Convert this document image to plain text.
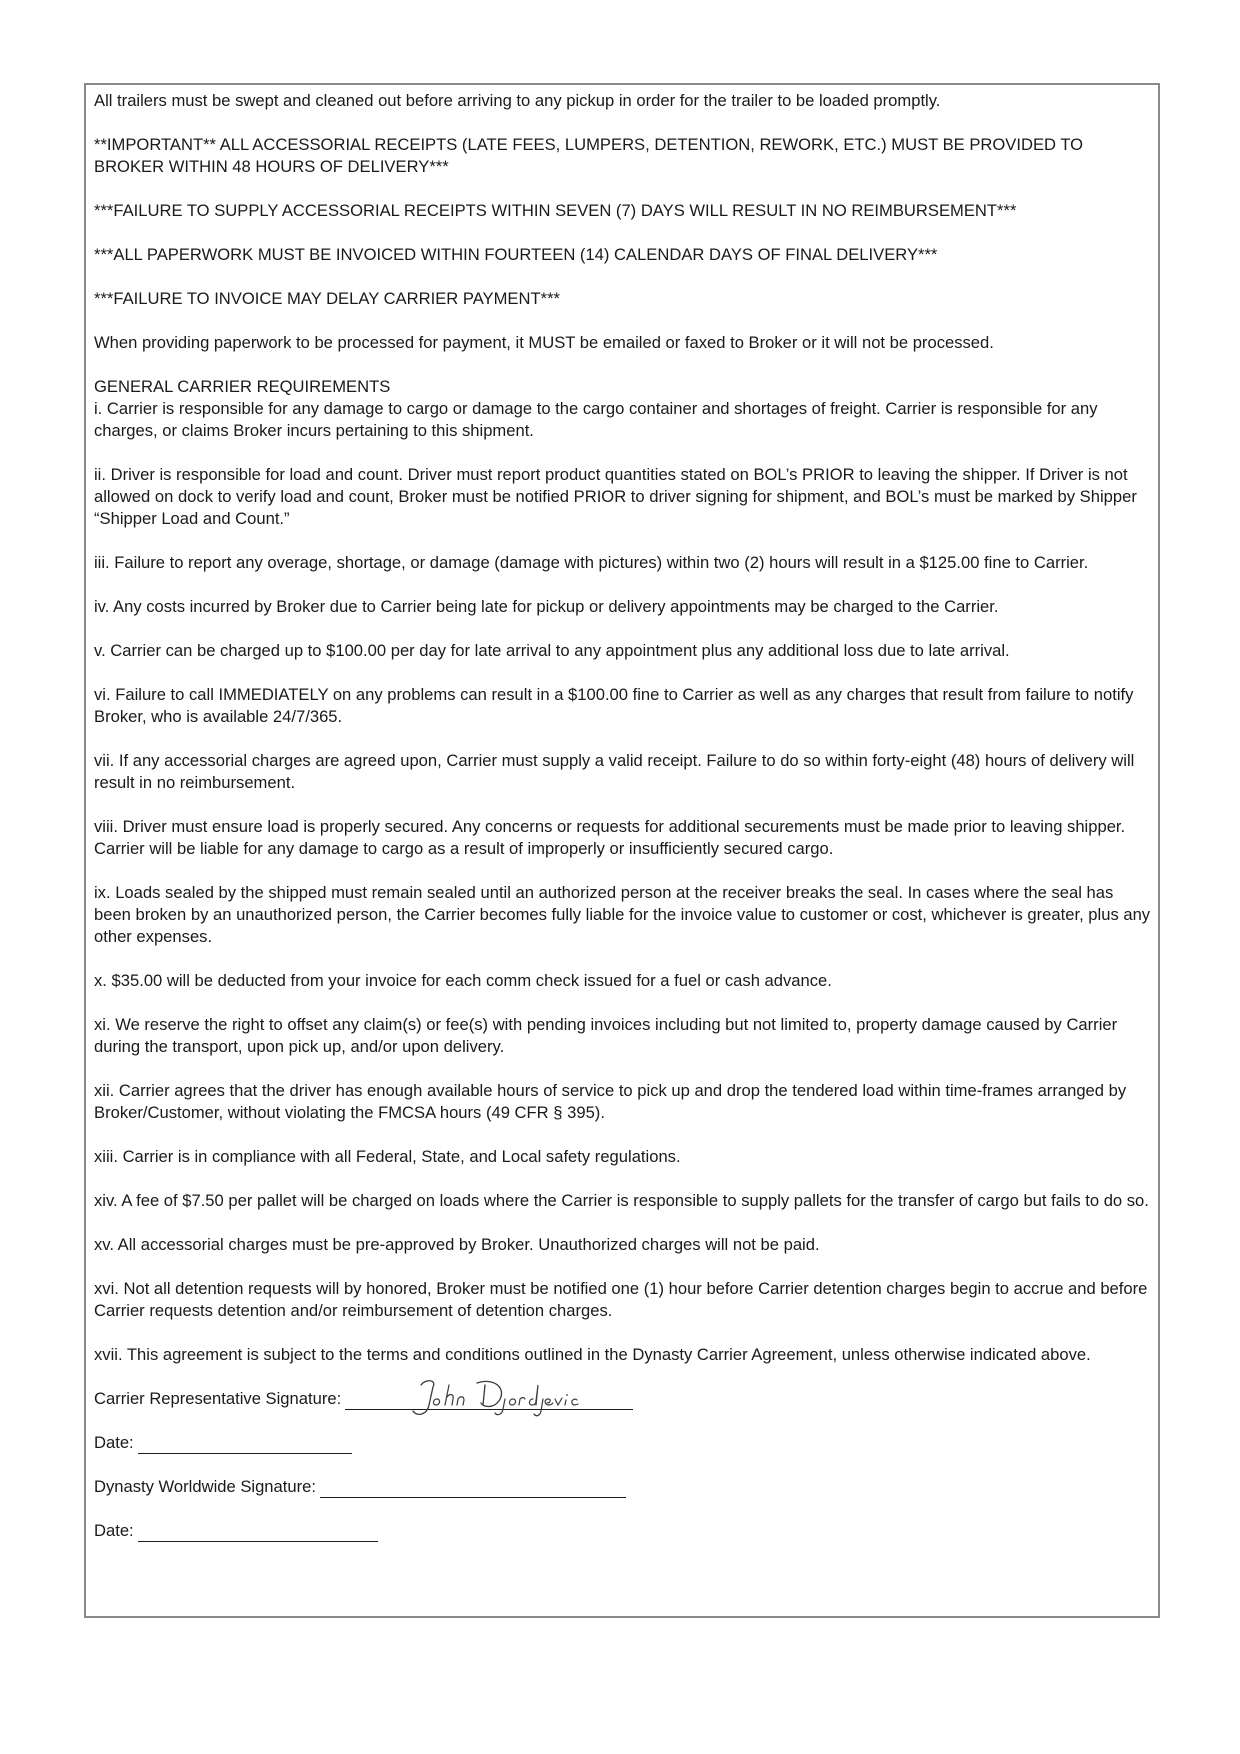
All trailers must be swept and cleaned out before arriving to any pickup in order for the trailer to be loaded promptly.

**IMPORTANT** ALL ACCESSORIAL RECEIPTS (LATE FEES, LUMPERS, DETENTION, REWORK, ETC.) MUST BE PROVIDED TO BROKER WITHIN 48 HOURS OF DELIVERY***

***FAILURE TO SUPPLY ACCESSORIAL RECEIPTS WITHIN SEVEN (7) DAYS WILL RESULT IN NO REIMBURSEMENT***

***ALL PAPERWORK MUST BE INVOICED WITHIN FOURTEEN (14) CALENDAR DAYS OF FINAL DELIVERY***

***FAILURE TO INVOICE MAY DELAY CARRIER PAYMENT***

When providing paperwork to be processed for payment, it MUST be emailed or faxed to Broker or it will not be processed.

GENERAL CARRIER REQUIREMENTS

i. Carrier is responsible for any damage to cargo or damage to the cargo container and shortages of freight. Carrier is responsible for any charges, or claims Broker incurs pertaining to this shipment.

ii. Driver is responsible for load and count. Driver must report product quantities stated on BOL’s PRIOR to leaving the shipper. If Driver is not allowed on dock to verify load and count, Broker must be notified PRIOR to driver signing for shipment, and BOL’s must be marked by Shipper “Shipper Load and Count.”

iii. Failure to report any overage, shortage, or damage (damage with pictures) within two (2) hours will result in a $125.00 fine to Carrier.

iv. Any costs incurred by Broker due to Carrier being late for pickup or delivery appointments may be charged to the Carrier.

v. Carrier can be charged up to $100.00 per day for late arrival to any appointment plus any additional loss due to late arrival.

vi. Failure to call IMMEDIATELY on any problems can result in a $100.00 fine to Carrier as well as any charges that result from failure to notify Broker, who is available 24/7/365.

vii. If any accessorial charges are agreed upon, Carrier must supply a valid receipt. Failure to do so within forty-eight (48) hours of delivery will result in no reimbursement.

viii. Driver must ensure load is properly secured. Any concerns or requests for additional securements must be made prior to leaving shipper. Carrier will be liable for any damage to cargo as a result of improperly or insufficiently secured cargo.

ix. Loads sealed by the shipped must remain sealed until an authorized person at the receiver breaks the seal. In cases where the seal has been broken by an unauthorized person, the Carrier becomes fully liable for the invoice value to customer or cost, whichever is greater, plus any other expenses.

x. $35.00 will be deducted from your invoice for each comm check issued for a fuel or cash advance.

xi. We reserve the right to offset any claim(s) or fee(s) with pending invoices including but not limited to, property damage caused by Carrier during the transport, upon pick up, and/or upon delivery.

xii. Carrier agrees that the driver has enough available hours of service to pick up and drop the tendered load within time-frames arranged by Broker/Customer, without violating the FMCSA hours (49 CFR § 395).

xiii. Carrier is in compliance with all Federal, State, and Local safety regulations.

xiv. A fee of $7.50 per pallet will be charged on loads where the Carrier is responsible to supply pallets for the transfer of cargo but fails to do so.

xv. All accessorial charges must be pre-approved by Broker. Unauthorized charges will not be paid.

xvi. Not all detention requests will by honored, Broker must be notified one (1) hour before Carrier detention charges begin to accrue and before Carrier requests detention and/or reimbursement of detention charges.

xvii. This agreement is subject to the terms and conditions outlined in the Dynasty Carrier Agreement, unless otherwise indicated above.

Carrier Representative Signature:
Date:
Dynasty Worldwide Signature:
Date:
